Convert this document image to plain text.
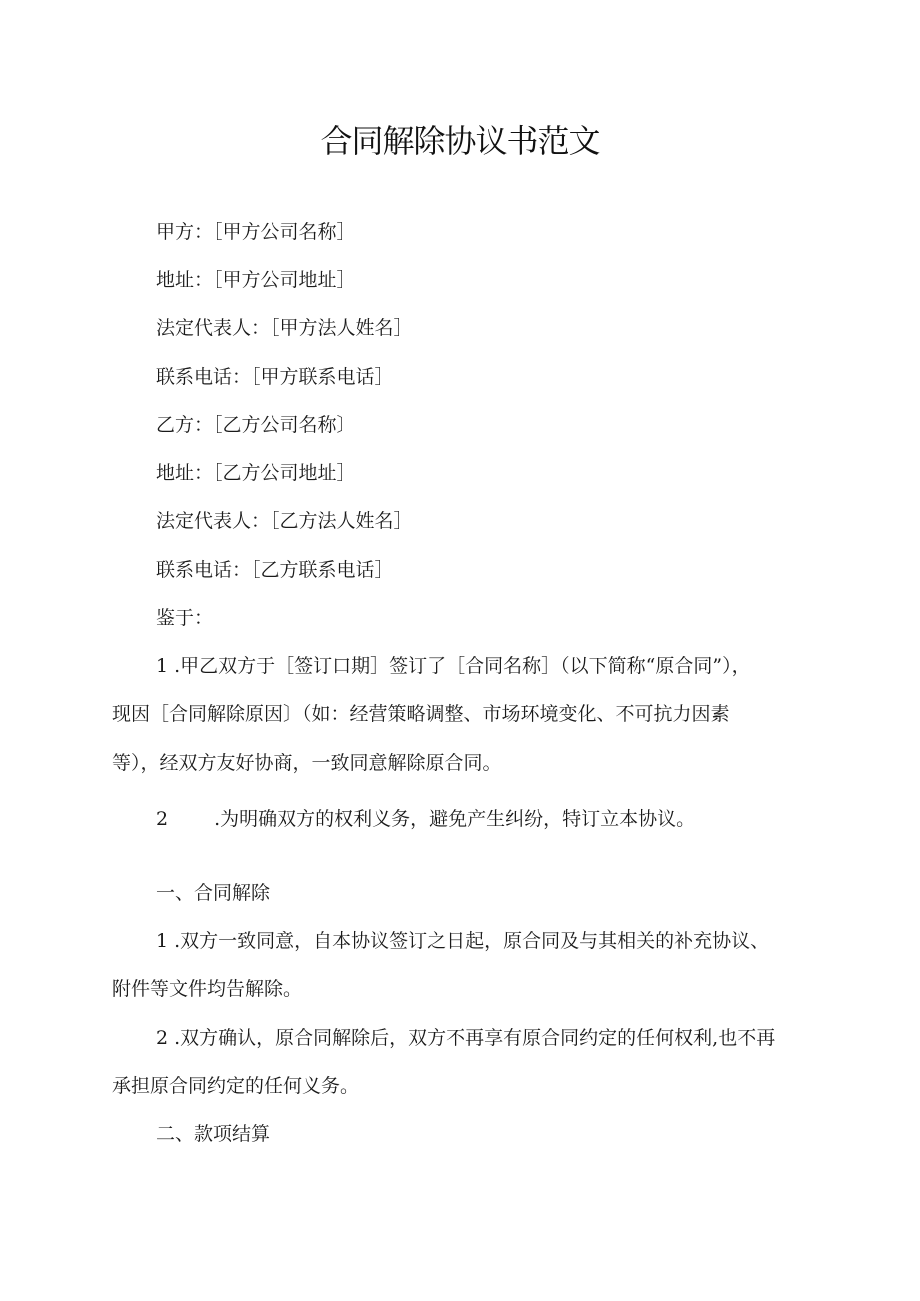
合同解除协议书范文
甲方：［甲方公司名称］
地址：［甲方公司地址］
法定代表人：［甲方法人姓名］
联系电话：［甲方联系电话］
乙方：［乙方公司名称〕
地址：［乙方公司地址］
法定代表人：［乙方法人姓名］
联系电话：［乙方联系电话］
鉴于：
1 .甲乙双方于［签订口期］签订了［合同名称］（以下简称“原合同”），
现因［合同解除原因〕（如：经营策略调整、市场环境变化、不可抗力因素
等），经双方友好协商，一致同意解除原合同。
2 .为明确双方的权利义务，避免产生纠纷，特订立本协议。
一、合同解除
1 .双方一致同意，自本协议签订之日起，原合同及与其相关的补充协议、
附件等文件均告解除。
2 .双方确认，原合同解除后，双方不再享有原合同约定的任何权利,也不再
承担原合同约定的任何义务。
二、款项结算
